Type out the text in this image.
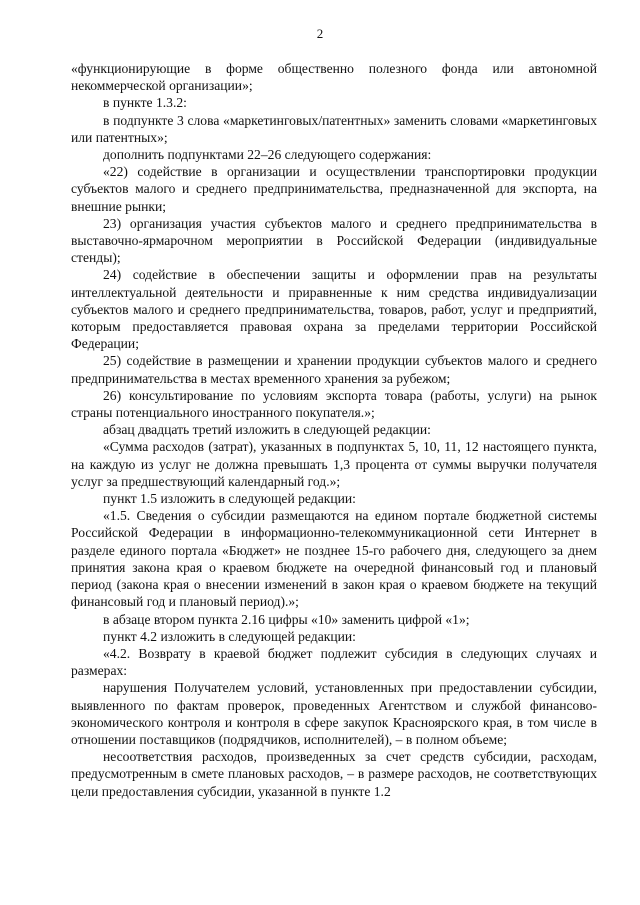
2

«функционирующие в форме общественно полезного фонда или автономной некоммерческой организации»;

в пункте 1.3.2:

в подпункте 3 слова «маркетинговых/патентных» заменить словами «маркетинговых или патентных»;

дополнить подпунктами 22–26 следующего содержания:

«22) содействие в организации и осуществлении транспортировки продукции субъектов малого и среднего предпринимательства, предназначенной для экспорта, на внешние рынки;

23) организация участия субъектов малого и среднего предпринимательства в выставочно-ярмарочном мероприятии в Российской Федерации (индивидуальные стенды);

24) содействие в обеспечении защиты и оформлении прав на результаты интеллектуальной деятельности и приравненные к ним средства индивидуализации субъектов малого и среднего предпринимательства, товаров, работ, услуг и предприятий, которым предоставляется правовая охрана за пределами территории Российской Федерации;

25) содействие в размещении и хранении продукции субъектов малого и среднего предпринимательства в местах временного хранения за рубежом;

26) консультирование по условиям экспорта товара (работы, услуги) на рынок страны потенциального иностранного покупателя.»;

абзац двадцать третий изложить в следующей редакции:

«Сумма расходов (затрат), указанных в подпунктах 5, 10, 11, 12 настоящего пункта, на каждую из услуг не должна превышать 1,3 процента от суммы выручки получателя услуг за предшествующий календарный год.»;

пункт 1.5 изложить в следующей редакции:

«1.5. Сведения о субсидии размещаются на едином портале бюджетной системы Российской Федерации в информационно-телекоммуникационной сети Интернет в разделе единого портала «Бюджет» не позднее 15-го рабочего дня, следующего за днем принятия закона края о краевом бюджете на очередной финансовый год и плановый период (закона края о внесении изменений в закон края о краевом бюджете на текущий финансовый год и плановый период).»;

в абзаце втором пункта 2.16 цифры «10» заменить цифрой «1»;

пункт 4.2 изложить в следующей редакции:

«4.2. Возврату в краевой бюджет подлежит субсидия в следующих случаях и размерах:

нарушения Получателем условий, установленных при предоставлении субсидии, выявленного по фактам проверок, проведенных Агентством и службой финансово-экономического контроля и контроля в сфере закупок Красноярского края, в том числе в отношении поставщиков (подрядчиков, исполнителей), – в полном объеме;

несоответствия расходов, произведенных за счет средств субсидии, расходам, предусмотренным в смете плановых расходов, – в размере расходов, не соответствующих цели предоставления субсидии, указанной в пункте 1.2
